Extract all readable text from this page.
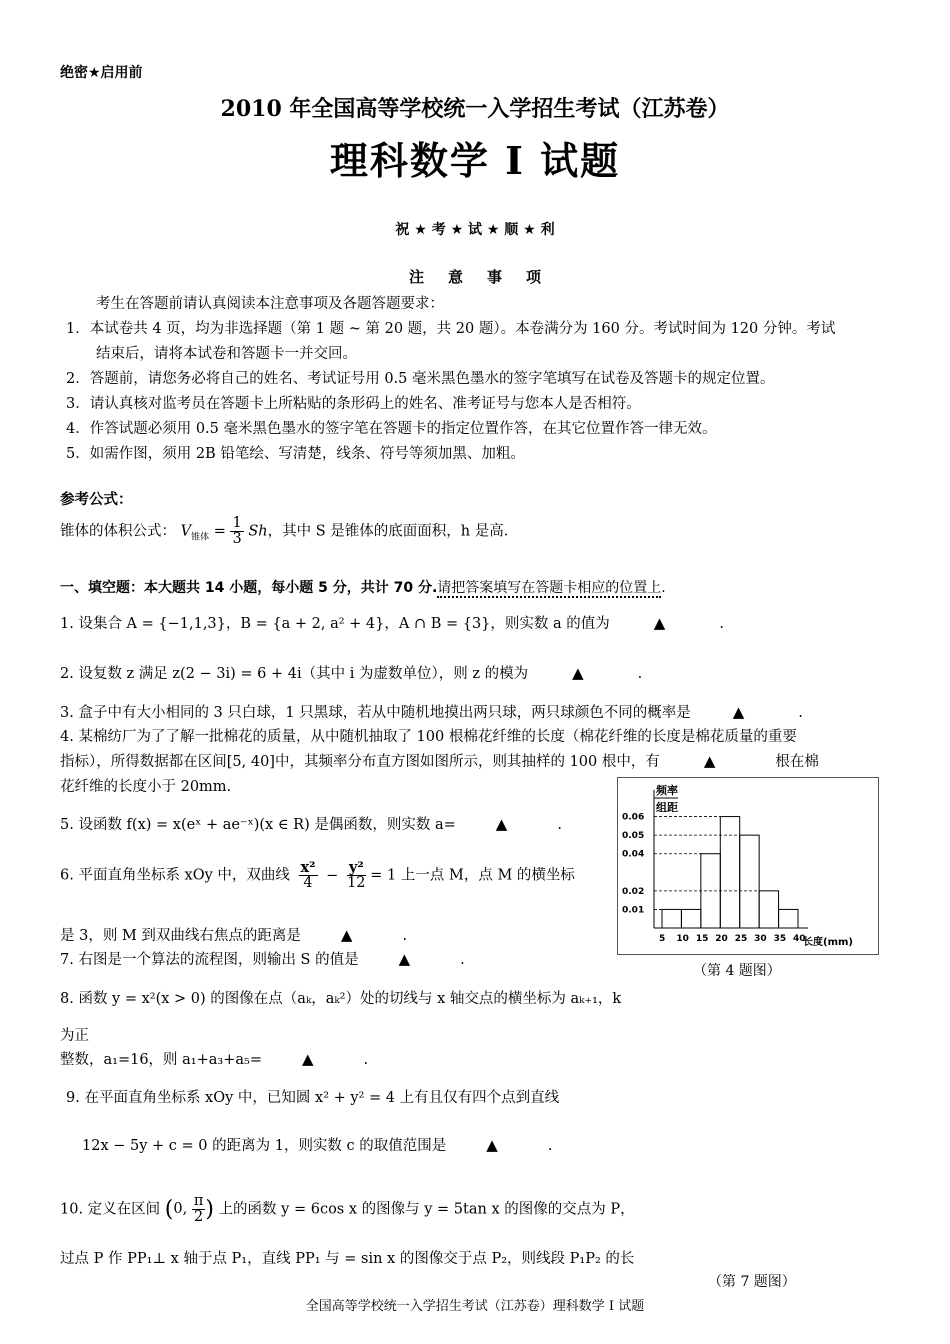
绝密★启用前
2010 年全国高等学校统一入学招生考试（江苏卷）
理科数学 I 试题
祝 ★ 考 ★ 试 ★ 顺 ★ 利
注意事项
考生在答题前请认真阅读本注意事项及各题答题要求：
1．本试卷共 4 页，均为非选择题（第 1 题 ~ 第 20 题，共 20 题）。本卷满分为 160 分。考试时间为 120 分钟。考试
结束后，请将本试卷和答题卡一并交回。
2．答题前，请您务必将自己的姓名、考试证号用 0.5 毫米黑色墨水的签字笔填写在试卷及答题卡的规定位置。
3．请认真核对监考员在答题卡上所粘贴的条形码上的姓名、准考证号与您本人是否相符。
4．作答试题必须用 0.5 毫米黑色墨水的签字笔在答题卡的指定位置作答，在其它位置作答一律无效。
5．如需作图，须用 2B 铅笔绘、写清楚，线条、符号等须加黑、加粗。
参考公式：
锥体的体积公式： $V_{锥体} = \frac{1}{3}$ Sh，其中 S 是锥体的底面面积，h 是高.
一、填空题：本大题共 14 小题，每小题 5 分，共计 70 分.请把答案填写在答题卡相应的位置上.
1. 设集合 A = {−1,1,3}，B = {a + 2, a² + 4}，A ∩ B = {3}，则实数 a 的值为	▲	.
2. 设复数 z 满足 z(2 − 3i) = 6 + 4i（其中 i 为虚数单位），则 z 的模为	▲	.
3. 盒子中有大小相同的 3 只白球，1 只黑球，若从中随机地摸出两只球，两只球颜色不同的概率是	▲	.
4. 某棉纺厂为了了解一批棉花的质量，从中随机抽取了 100 根棉花纤维的长度（棉花纤维的长度是棉花质量的重要
指标），所得数据都在区间[5, 40]中，其频率分布直方图如图所示，则其抽样的 100 根中，有	▲	根在棉
花纤维的长度小于 20mm.
5. 设函数 f(x) = x(eˣ + ae⁻ˣ)(x ∈ R) 是偶函数，则实数 a=	▲	.
6. 平面直角坐标系 xOy 中，双曲线 $\frac{\text{x²}}{4} - \frac{\text{y²}}{12} = 1$ 上一点 M，点 M 的横坐标
是 3，则 M 到双曲线右焦点的距离是	▲	.
7. 右图是一个算法的流程图，则输出 S 的值是	▲	.
8. 函数 y = x²(x > 0) 的图像在点（aₖ，aₖ²）处的切线与 x 轴交点的横坐标为 aₖ₊₁，k
为正
整数，a₁=16，则 a₁+a₃+a₅=	▲	.
9. 在平面直角坐标系 xOy 中，已知圆 x² + y² = 4 上有且仅有四个点到直线
12x − 5y + c = 0 的距离为 1，则实数 c 的取值范围是	▲	.
10. 定义在区间 ( 0,
$\frac{\pi}{2}$ ) 上的函数 y = 6cos x 的图像与 y = 5tan x 的图像的交点为 P，
过点 P 作 PP₁⊥ x 轴于点 P₁，直线 PP₁ 与 = sin x 的图像交于点 P₂，则线段 P₁P₂ 的长
频率
组距
长度(mm)
0.01
0.02
0.04
0.05
0.06
5 10 15 20 25 30 35 40
（第 4 题图）
（第 7 题图）
全国高等学校统一入学招生考试（江苏卷）理科数学 I 试题
